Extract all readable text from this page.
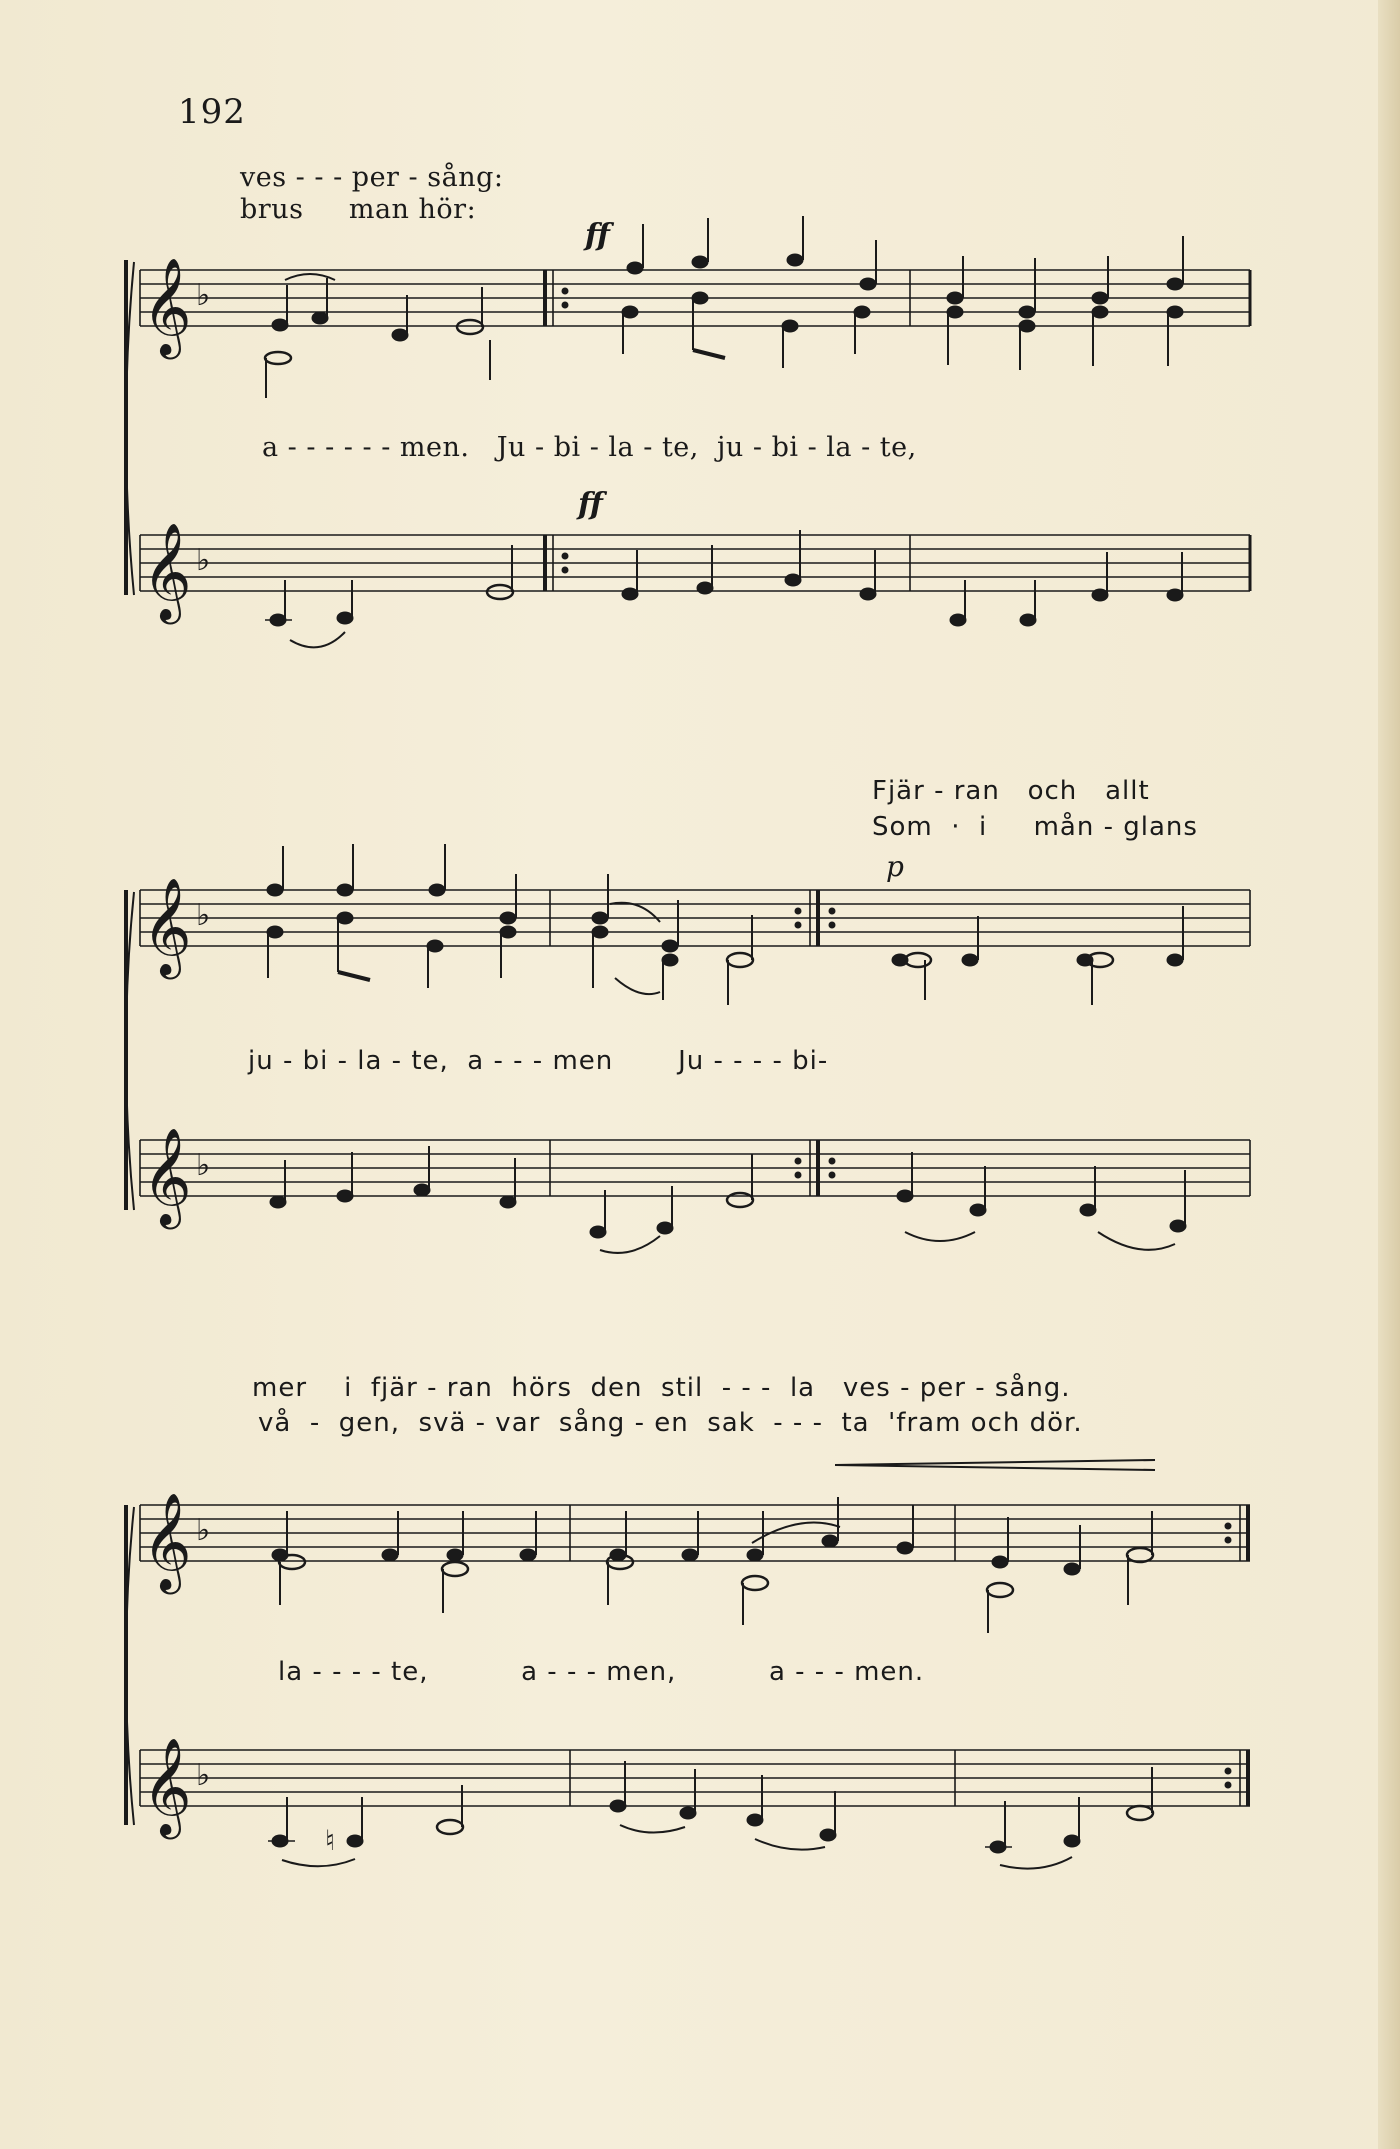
192
ves - - - per - sång:
brus     man hör:
ff
ff
a - - - - - - men.   Ju - bi - la - te,  ju - bi - la - te,
𝄞 ♭
𝄞 ♭
Fjär - ran   och   allt
Som  ·  i     mån - glans
p
ju - bi - la - te,  a - - - men       Ju - - - - bi-
𝄞 ♭
𝄞 ♭
mer    i  fjär - ran  hörs  den  stil  - - -  la   ves - per - sång.
vå  -  gen,  svä - var  sång - en  sak  - - -  ta  'fram och dör.
la - - - - te,          a - - - men,          a - - - men.
𝄞 ♭
𝄞 ♭
♮
